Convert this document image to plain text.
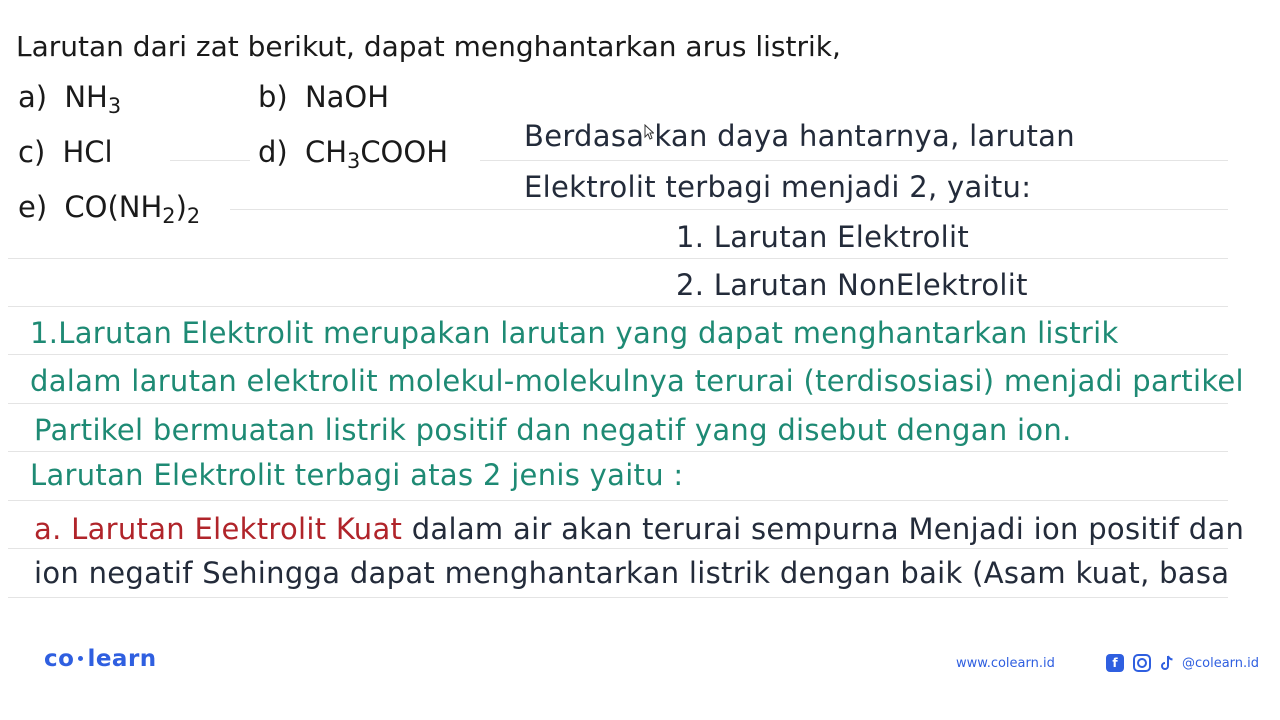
Larutan dari zat berikut, dapat menghantarkan arus listrik,
a) $NH_3$	b) NaOH
c) HCl	d) $CH_3COOH$
e) $CO(NH_2)_2$
Berdasa kan daya hantarnya, larutan
Elektrolit terbagi menjadi 2, yaitu:
1. Larutan Elektrolit
2. Larutan NonElektrolit
1.Larutan Elektrolit merupakan larutan yang dapat menghantarkan listrik
dalam larutan elektrolit molekul-molekulnya terurai (terdisosiasi) menjadi partikel
Partikel bermuatan listrik positif dan negatif yang disebut dengan ion.
Larutan Elektrolit terbagi atas 2 jenis yaitu :
a. Larutan Elektrolit Kuat dalam air akan terurai sempurna Menjadi ion positif dan
ion negatif Sehingga dapat menghantarkan listrik dengan baik (Asam kuat, basa
co learn	www.colearn.id	f	@colearn.id
